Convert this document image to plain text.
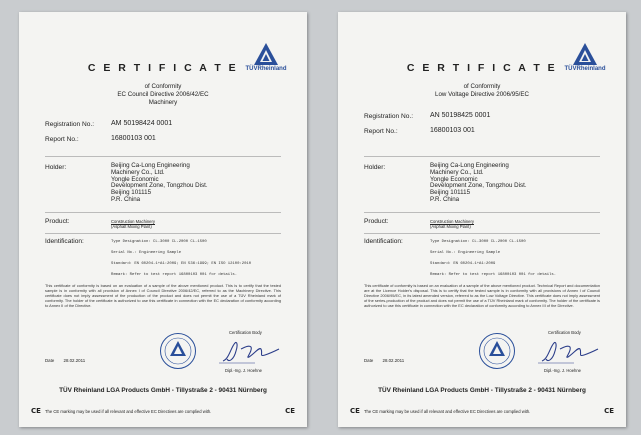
TÜVRheinland
C E R T I F I C A T E
of Conformity
EC Council Directive 2006/42/EC
Machinery
Registration No.: AM 50198424 0001
Report No.:	16800103 001
Holder:	Beijing Ca-Long Engineering
Machinery Co., Ltd.
Yongle Economic
Development Zone, Tongzhou Dist.
Beijing 101115
P.R. China
Product:	Construction Machinery
(Asphalt Mixing Plant)
Identification:	Type Designation: CL-3000 CL-2000 CL-1500
Serial No.: Engineering Sample
Standard: EN 60204-1+A1:2009; EN 536:1999; EN ISO 12100:2010
Remark: Refer to test report 16800103 001 for details.
This certificate of conformity is based on an evaluation of a sample of the above mentioned product. This is to certify that the tested sample is in conformity with all provision of Annex I of Council Directive 2006/42/EC, referred to as the Machinery Directive. This certificate does not imply assessment of the production of the product and does not permit the use of a TÜV Rheinland mark of conformity. The holder of the certificate is authorized to use this certificate in connection with the EC declaration of conformity according to Annex II of the Directive.
Certification Body
Dipl.-Ing. J. Hoehne
Date 28.02.2011
TÜV Rheinland LGA Products GmbH - Tillystraße 2 - 90431 Nürnberg
CE The CE marking may be used if all relevant and effective EC Directives are complied with.	CE
TÜVRheinland
C E R T I F I C A T E
of Conformity
Low Voltage Directive 2006/95/EC
Registration No.: AN 50198425 0001
Report No.:	16800103 001
Holder:	Beijing Ca-Long Engineering
Machinery Co., Ltd.
Yongle Economic
Development Zone, Tongzhou Dist.
Beijing 101115
P.R. China
Product:	Construction Machinery
(Asphalt Mixing Plant)
Identification:	Type Designation: CL-3000 CL-2000 CL-1500
Serial No.: Engineering Sample
Standard: EN 60204-1+A1:2009
Remark: Refer to test report 16800103 001 for details.
This certificate of conformity is based on an evaluation of a sample of the above mentioned product. Technical Report and documentation are at the Licence Holder's disposal. This is to certify that the tested sample is in conformity with all provisions of Annex I of Council Directive 2006/95/EC, in its latest amended version, referred to as the Low Voltage Directive. This certificate does not imply assessment of the series-production of the product and does not permit the use of a TÜV Rheinland mark of conformity. The holder of the certificate is authorized to use this certificate in connection with the EC declaration of conformity according to Annex III of the Directive.
Certification Body
Dipl.-Ing. J. Hoehne
Date 28.02.2011
TÜV Rheinland LGA Products GmbH - Tillystraße 2 - 90431 Nürnberg
CE The CE marking may be used if all relevant and effective EC Directives are complied with.	CE
